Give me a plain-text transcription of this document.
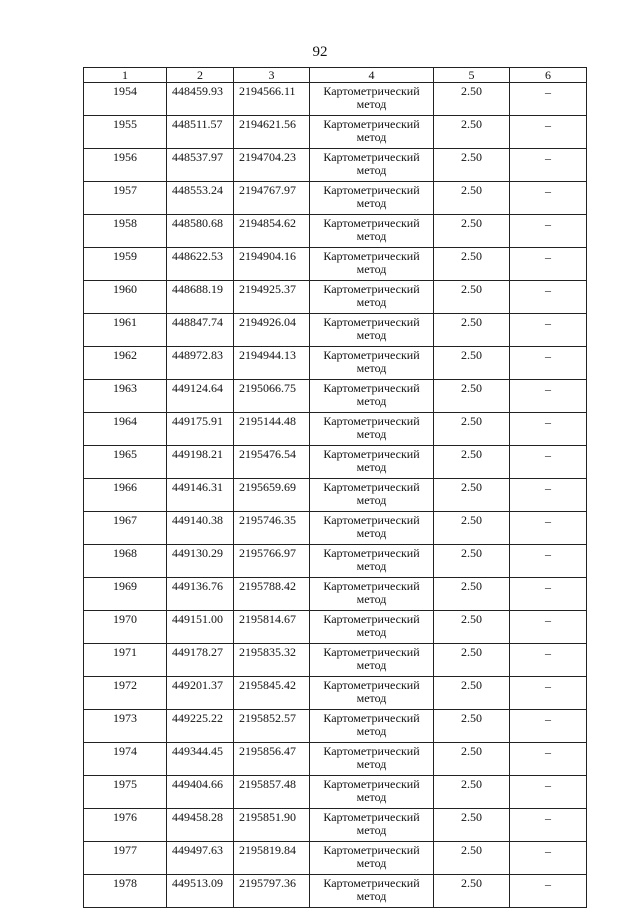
92
1	2	3	4	5	6
1954	448459.93	2194566.11	Картометрический метод	2.50	–
1955	448511.57	2194621.56	Картометрический метод	2.50	–
1956	448537.97	2194704.23	Картометрический метод	2.50	–
1957	448553.24	2194767.97	Картометрический метод	2.50	–
1958	448580.68	2194854.62	Картометрический метод	2.50	–
1959	448622.53	2194904.16	Картометрический метод	2.50	–
1960	448688.19	2194925.37	Картометрический метод	2.50	–
1961	448847.74	2194926.04	Картометрический метод	2.50	–
1962	448972.83	2194944.13	Картометрический метод	2.50	–
1963	449124.64	2195066.75	Картометрический метод	2.50	–
1964	449175.91	2195144.48	Картометрический метод	2.50	–
1965	449198.21	2195476.54	Картометрический метод	2.50	–
1966	449146.31	2195659.69	Картометрический метод	2.50	–
1967	449140.38	2195746.35	Картометрический метод	2.50	–
1968	449130.29	2195766.97	Картометрический метод	2.50	–
1969	449136.76	2195788.42	Картометрический метод	2.50	–
1970	449151.00	2195814.67	Картометрический метод	2.50	–
1971	449178.27	2195835.32	Картометрический метод	2.50	–
1972	449201.37	2195845.42	Картометрический метод	2.50	–
1973	449225.22	2195852.57	Картометрический метод	2.50	–
1974	449344.45	2195856.47	Картометрический метод	2.50	–
1975	449404.66	2195857.48	Картометрический метод	2.50	–
1976	449458.28	2195851.90	Картометрический метод	2.50	–
1977	449497.63	2195819.84	Картометрический метод	2.50	–
1978	449513.09	2195797.36	Картометрический метод	2.50	–
